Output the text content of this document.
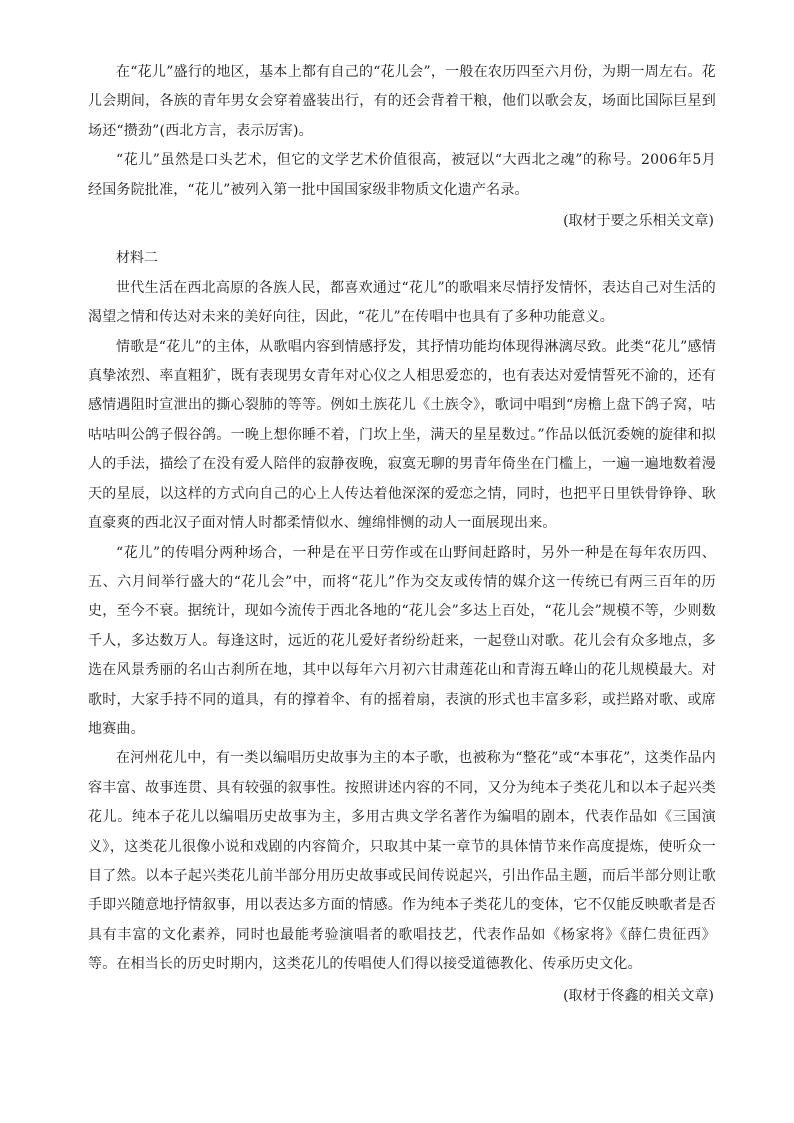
在“花儿”盛行的地区，基本上都有自己的“花儿会”，一般在农历四至六月份，为期一周左右。花儿会期间，各族的青年男女会穿着盛装出行，有的还会背着干粮，他们以歌会友，场面比国际巨星到场还“攒劲”(西北方言，表示厉害)。

“花儿”虽然是口头艺术，但它的文学艺术价值很高，被冠以“大西北之魂”的称号。2006年5月经国务院批准，“花儿”被列入第一批中国国家级非物质文化遗产名录。

(取材于要之乐相关文章)

材料二

世代生活在西北高原的各族人民，都喜欢通过“花儿”的歌唱来尽情抒发情怀，表达自己对生活的渴望之情和传达对未来的美好向往，因此，“花儿”在传唱中也具有了多种功能意义。

情歌是“花儿”的主体，从歌唱内容到情感抒发，其抒情功能均体现得淋漓尽致。此类“花儿”感情真挚浓烈、率直粗犷，既有表现男女青年对心仪之人相思爱恋的，也有表达对爱情誓死不渝的，还有感情遇阻时宣泄出的撕心裂肺的等等。例如土族花儿《土族令》，歌词中唱到“房檐上盘下鸽子窝，咕咕咕叫公鸽子假谷鸽。一晚上想你睡不着，门坎上坐，满天的星星数过。”作品以低沉委婉的旋律和拟人的手法，描绘了在没有爱人陪伴的寂静夜晚，寂寞无聊的男青年倚坐在门槛上，一遍一遍地数着漫天的星辰，以这样的方式向自己的心上人传达着他深深的爱恋之情，同时，也把平日里铁骨铮铮、耿直豪爽的西北汉子面对情人时都柔情似水、缠绵悱恻的动人一面展现出来。

“花儿”的传唱分两种场合，一种是在平日劳作或在山野间赶路时，另外一种是在每年农历四、五、六月间举行盛大的“花儿会”中，而将“花儿”作为交友或传情的媒介这一传统已有两三百年的历史，至今不衰。据统计，现如今流传于西北各地的“花儿会”多达上百处，“花儿会”规模不等，少则数千人，多达数万人。每逢这时，远近的花儿爱好者纷纷赶来，一起登山对歌。花儿会有众多地点，多选在风景秀丽的名山古刹所在地，其中以每年六月初六甘肃莲花山和青海五峰山的花儿规模最大。对歌时，大家手持不同的道具，有的撑着伞、有的摇着扇，表演的形式也丰富多彩，或拦路对歌、或席地赛曲。

在河州花儿中，有一类以编唱历史故事为主的本子歌，也被称为“整花”或“本事花”，这类作品内容丰富、故事连贯、具有较强的叙事性。按照讲述内容的不同，又分为纯本子类花儿和以本子起兴类花儿。纯本子花儿以编唱历史故事为主，多用古典文学名著作为编唱的剧本，代表作品如《三国演义》，这类花儿很像小说和戏剧的内容简介，只取其中某一章节的具体情节来作高度提炼，使听众一目了然。以本子起兴类花儿前半部分用历史故事或民间传说起兴，引出作品主题，而后半部分则让歌手即兴随意地抒情叙事，用以表达多方面的情感。作为纯本子类花儿的变体，它不仅能反映歌者是否具有丰富的文化素养，同时也最能考验演唱者的歌唱技艺，代表作品如《杨家将》《薛仁贵征西》等。在相当长的历史时期内，这类花儿的传唱使人们得以接受道德教化、传承历史文化。

(取材于佟鑫的相关文章)
